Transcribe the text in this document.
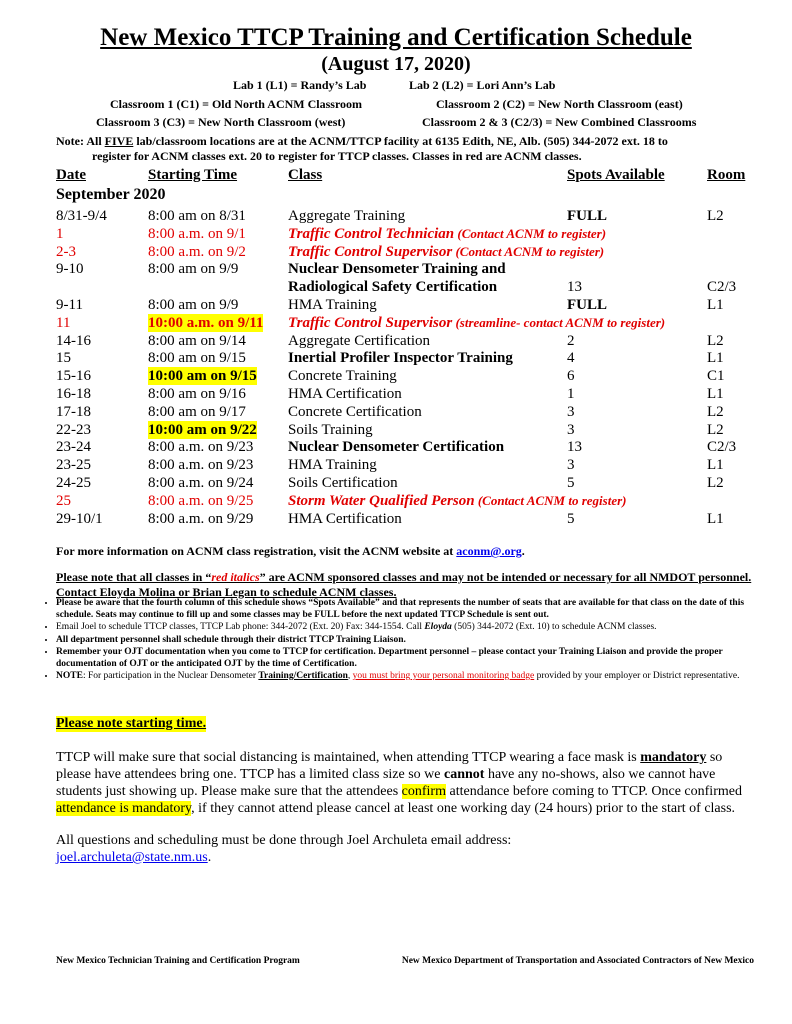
New Mexico TTCP Training and Certification Schedule
(August 17, 2020)
Lab 1 (L1) = Randy’s Lab	Lab 2 (L2) = Lori Ann’s Lab
Classroom 1 (C1) = Old North ACNM Classroom	Classroom 2 (C2) = New North Classroom (east)
Classroom 3 (C3) = New North Classroom (west)	Classroom 2 & 3 (C2/3) = New Combined Classrooms
Note: All FIVE lab/classroom locations are at the ACNM/TTCP facility at 6135 Edith, NE, Alb. (505) 344-2072 ext. 18 to
register for ACNM classes ext. 20 to register for TTCP classes. Classes in red are ACNM classes.
Date	Starting Time	Class	Spots Available	Room
September 2020
8/31-9/4	8:00 am on 8/31	Aggregate Training	FULL	L2
1	8:00 a.m. on 9/1	Traffic Control Technician (Contact ACNM to register)
2-3	8:00 a.m. on 9/2	Traffic Control Supervisor (Contact ACNM to register)
9-10	8:00 am on 9/9	Nuclear Densometer Training and
Radiological Safety Certification	13	C2/3
9-11	8:00 am on 9/9	HMA Training	FULL	L1
11	10:00 a.m. on 9/11 Traffic Control Supervisor (streamline- contact ACNM to register)
14-16	8:00 am on 9/14	Aggregate Certification	2	L2
15	8:00 am on 9/15	Inertial Profiler Inspector Training	4	L1
15-16	10:00 am on 9/15 Concrete Training	6	C1
16-18	8:00 am on 9/16	HMA Certification	1	L1
17-18	8:00 am on 9/17	Concrete Certification	3	L2
22-23	10:00 am on 9/22 Soils Training	3	L2
23-24	8:00 a.m. on 9/23 Nuclear Densometer Certification	13	C2/3
23-25	8:00 a.m. on 9/23 HMA Training	3	L1
24-25	8:00 a.m. on 9/24 Soils Certification	5	L2
25	8:00 a.m. on 9/25 Storm Water Qualified Person (Contact ACNM to register)
29-10/1	8:00 a.m. on 9/29 HMA Certification	5	L1
For more information on ACNM class registration, visit the ACNM website at aconm@.org.
Please note that all classes in “red italics” are ACNM sponsored classes and may not be intended or necessary for all NMDOT personnel. Contact Eloyda Molina or Brian Legan to schedule ACNM classes.
• Please be aware that the fourth column of this schedule shows “Spots Available” and that represents the number of seats that are available for that class on the date of this schedule. Seats may continue to fill up and some classes may be FULL before the next updated TTCP Schedule is sent out.
• Email Joel to schedule TTCP classes, TTCP Lab phone: 344-2072 (Ext. 20) Fax: 344-1554. Call Eloyda (505) 344-2072 (Ext. 10) to schedule ACNM classes.
• All department personnel shall schedule through their district TTCP Training Liaison.
• Remember your OJT documentation when you come to TTCP for certification. Department personnel – please contact your Training Liaison and provide the proper documentation of OJT or the anticipated OJT by the time of Certification.
• NOTE: For participation in the Nuclear Densometer Training/Certification, you must bring your personal monitoring badge provided by your employer or District representative.
Please note starting time.
TTCP will make sure that social distancing is maintained, when attending TTCP wearing a face mask is mandatory so please have attendees bring one. TTCP has a limited class size so we cannot have any no-shows, also we cannot have students just showing up. Please make sure that the attendees confirm attendance before coming to TTCP. Once confirmed attendance is mandatory, if they cannot attend please cancel at least one working day (24 hours) prior to the start of class.
All questions and scheduling must be done through Joel Archuleta email address:
joel.archuleta@state.nm.us.
New Mexico Technician Training and Certification Program	New Mexico Department of Transportation and Associated Contractors of New Mexico
